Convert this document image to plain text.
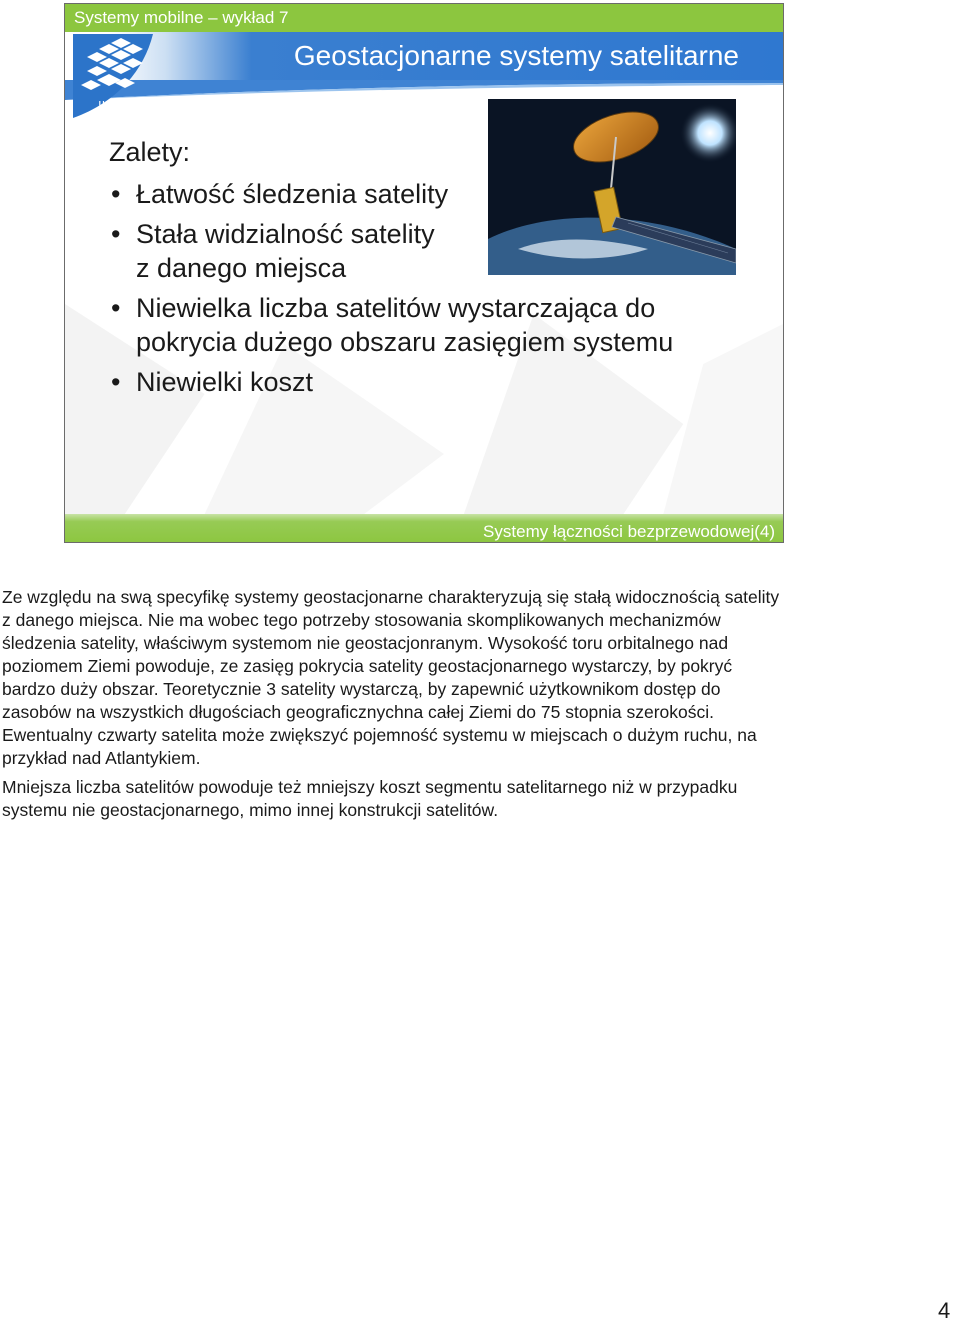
Systemy mobilne – wykład 7
Geostacjonarne systemy satelitarne
UCZELNIA
ONLINE
Zalety:
• Łatwość śledzenia satelity
• Stała widzialność satelity
z danego miejsca
• Niewielka liczba satelitów wystarczająca do
pokrycia dużego obszaru zasięgiem systemu
• Niewielki koszt
Systemy łączności bezprzewodowej(4)

Ze względu na swą specyfikę systemy geostacjonarne charakteryzują się stałą widocznością satelity
z danego miejsca. Nie ma wobec tego potrzeby stosowania skomplikowanych mechanizmów
śledzenia satelity, właściwym systemom nie geostacjonranym. Wysokość toru orbitalnego nad
poziomem Ziemi powoduje, ze zasięg pokrycia satelity geostacjonarnego wystarczy, by pokryć
bardzo duży obszar. Teoretycznie 3 satelity wystarczą, by zapewnić użytkownikom dostęp do
zasobów na wszystkich długościach geograficznychna całej Ziemi do 75 stopnia szerokości.
Ewentualny czwarty satelita może zwiększyć pojemność systemu w miejscach o dużym ruchu, na
przykład nad Atlantykiem.

Mniejsza liczba satelitów powoduje też mniejszy koszt segmentu satelitarnego niż w przypadku
systemu nie geostacjonarnego, mimo innej konstrukcji satelitów.

4
